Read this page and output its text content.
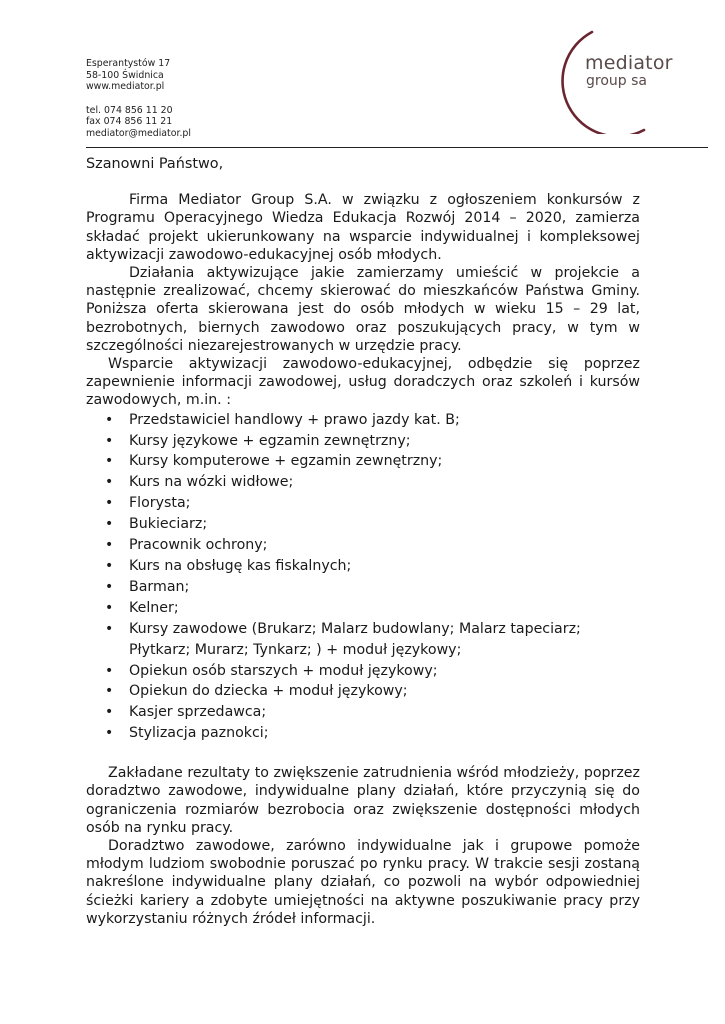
Esperantystów 17
58-100 Świdnica
www.mediator.pl
tel. 074 856 11 20
fax 074 856 11 21
mediator@mediator.pl
mediator
group sa
Szanowni Państwo,

Firma Mediator Group S.A. w związku z ogłoszeniem konkursów z Programu Operacyjnego Wiedza Edukacja Rozwój 2014 – 2020, zamierza składać projekt ukierunkowany na wsparcie indywidualnej i kompleksowej aktywizacji zawodowo-edukacyjnej osób młodych.

Działania aktywizujące jakie zamierzamy umieścić w projekcie a następnie zrealizować, chcemy skierować do mieszkańców Państwa Gminy. Poniższa oferta skierowana jest do osób młodych w wieku 15 – 29 lat, bezrobotnych, biernych zawodowo oraz poszukujących pracy, w tym w szczególności niezarejestrowanych w urzędzie pracy.

Wsparcie aktywizacji zawodowo-edukacyjnej, odbędzie się poprzez zapewnienie informacji zawodowej, usług doradczych oraz szkoleń i kursów zawodowych, m.in. :

• Przedstawiciel handlowy + prawo jazdy kat. B;
• Kursy językowe + egzamin zewnętrzny;
• Kursy komputerowe + egzamin zewnętrzny;
• Kurs na wózki widłowe;
• Florysta;
• Bukieciarz;
• Pracownik ochrony;
• Kurs na obsługę kas fiskalnych;
• Barman;
• Kelner;
• Kursy zawodowe (Brukarz; Malarz budowlany; Malarz tapeciarz; Płytkarz; Murarz; Tynkarz; ) + moduł językowy;
• Opiekun osób starszych + moduł językowy;
• Opiekun do dziecka + moduł językowy;
• Kasjer sprzedawca;
• Stylizacja paznokci;

Zakładane rezultaty to zwiększenie zatrudnienia wśród młodzieży, poprzez doradztwo zawodowe, indywidualne plany działań, które przyczynią się do ograniczenia rozmiarów bezrobocia oraz zwiększenie dostępności młodych osób na rynku pracy.

Doradztwo zawodowe, zarówno indywidualne jak i grupowe pomoże młodym ludziom swobodnie poruszać po rynku pracy. W trakcie sesji zostaną nakreślone indywidualne plany działań, co pozwoli na wybór odpowiedniej ścieżki kariery a zdobyte umiejętności na aktywne poszukiwanie pracy przy wykorzystaniu różnych źródeł informacji.
